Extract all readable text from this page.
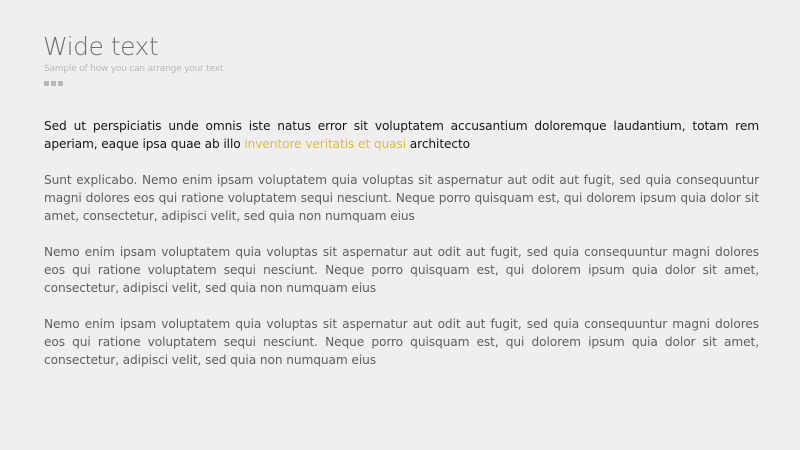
Wide text
Sample of how you can arrange your text

Sed ut perspiciatis unde omnis iste natus error sit voluptatem accusantium doloremque laudantium, totam rem aperiam, eaque ipsa quae ab illo inventore veritatis et quasi architecto

Sunt explicabo. Nemo enim ipsam voluptatem quia voluptas sit aspernatur aut odit aut fugit, sed quia consequuntur magni dolores eos qui ratione voluptatem sequi nesciunt. Neque porro quisquam est, qui dolorem ipsum quia dolor sit amet, consectetur, adipisci velit, sed quia non numquam eius

Nemo enim ipsam voluptatem quia voluptas sit aspernatur aut odit aut fugit, sed quia consequuntur magni dolores eos qui ratione voluptatem sequi nesciunt. Neque porro quisquam est, qui dolorem ipsum quia dolor sit amet, consectetur, adipisci velit, sed quia non numquam eius

Nemo enim ipsam voluptatem quia voluptas sit aspernatur aut odit aut fugit, sed quia consequuntur magni dolores eos qui ratione voluptatem sequi nesciunt. Neque porro quisquam est, qui dolorem ipsum quia dolor sit amet, consectetur, adipisci velit, sed quia non numquam eius
